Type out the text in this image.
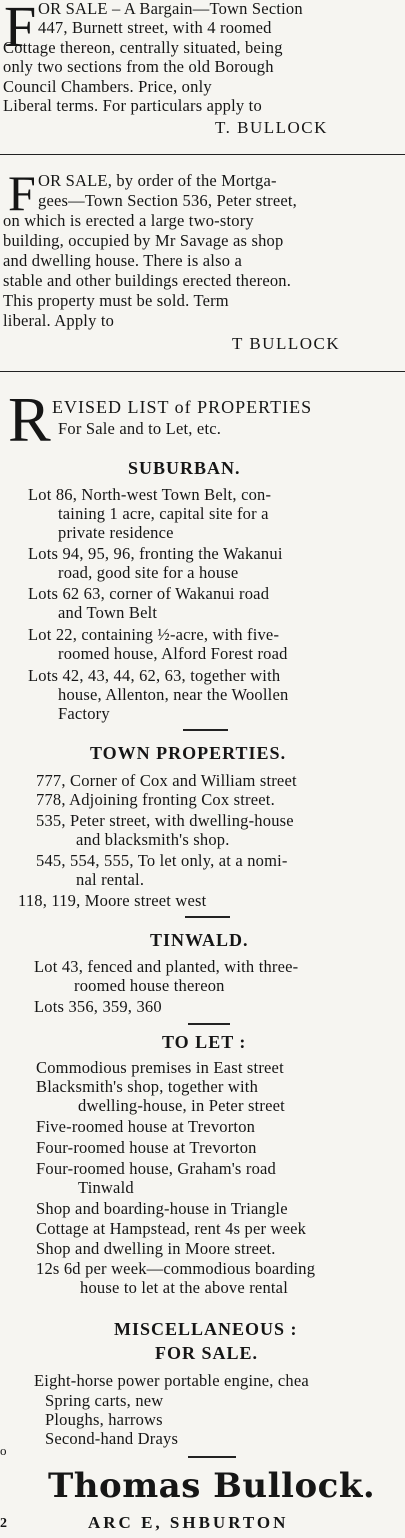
F OR SALE – A Bargain—Town Section
447, Burnett street, with 4 roomed
Cottage thereon, centrally situated, being
only two sections from the old Borough
Council Chambers. Price, only
Liberal terms. For particulars apply to
T. BULLOCK
F OR SALE, by order of the Mortga-
gees—Town Section 536, Peter street,
on which is erected a large two-story
building, occupied by Mr Savage as shop
and dwelling house. There is also a
stable and other buildings erected thereon.
This property must be sold. Term
liberal. Apply to
T BULLOCK
R EVISED LIST of PROPERTIES
For Sale and to Let, etc.
SUBURBAN.
Lot 86, North-west Town Belt, con-
taining 1 acre, capital site for a
private residence
Lots 94, 95, 96, fronting the Wakanui
road, good site for a house
Lots 62 63, corner of Wakanui road
and Town Belt
Lot 22, containing ½-acre, with five-
roomed house, Alford Forest road
Lots 42, 43, 44, 62, 63, together with
house, Allenton, near the Woollen
Factory
TOWN PROPERTIES.
777, Corner of Cox and William street
778, Adjoining fronting Cox street.
535, Peter street, with dwelling-house
and blacksmith's shop.
545, 554, 555, To let only, at a nomi-
nal rental.
118, 119, Moore street west
TINWALD.
Lot 43, fenced and planted, with three-
roomed house thereon
Lots 356, 359, 360
TO LET :
Commodious premises in East street
Blacksmith's shop, together with
dwelling-house, in Peter street
Five-roomed house at Trevorton
Four-roomed house at Trevorton
Four-roomed house, Graham's road
Tinwald
Shop and boarding-house in Triangle
Cottage at Hampstead, rent 4s per week
Shop and dwelling in Moore street.
12s 6d per week—commodious boarding
house to let at the above rental
MISCELLANEOUS :
FOR SALE.
Eight-horse power portable engine, chea
Spring carts, new
Ploughs, harrows
Second-hand Drays
Thomas Bullock.
ARC E, SHBURTON
o
2
